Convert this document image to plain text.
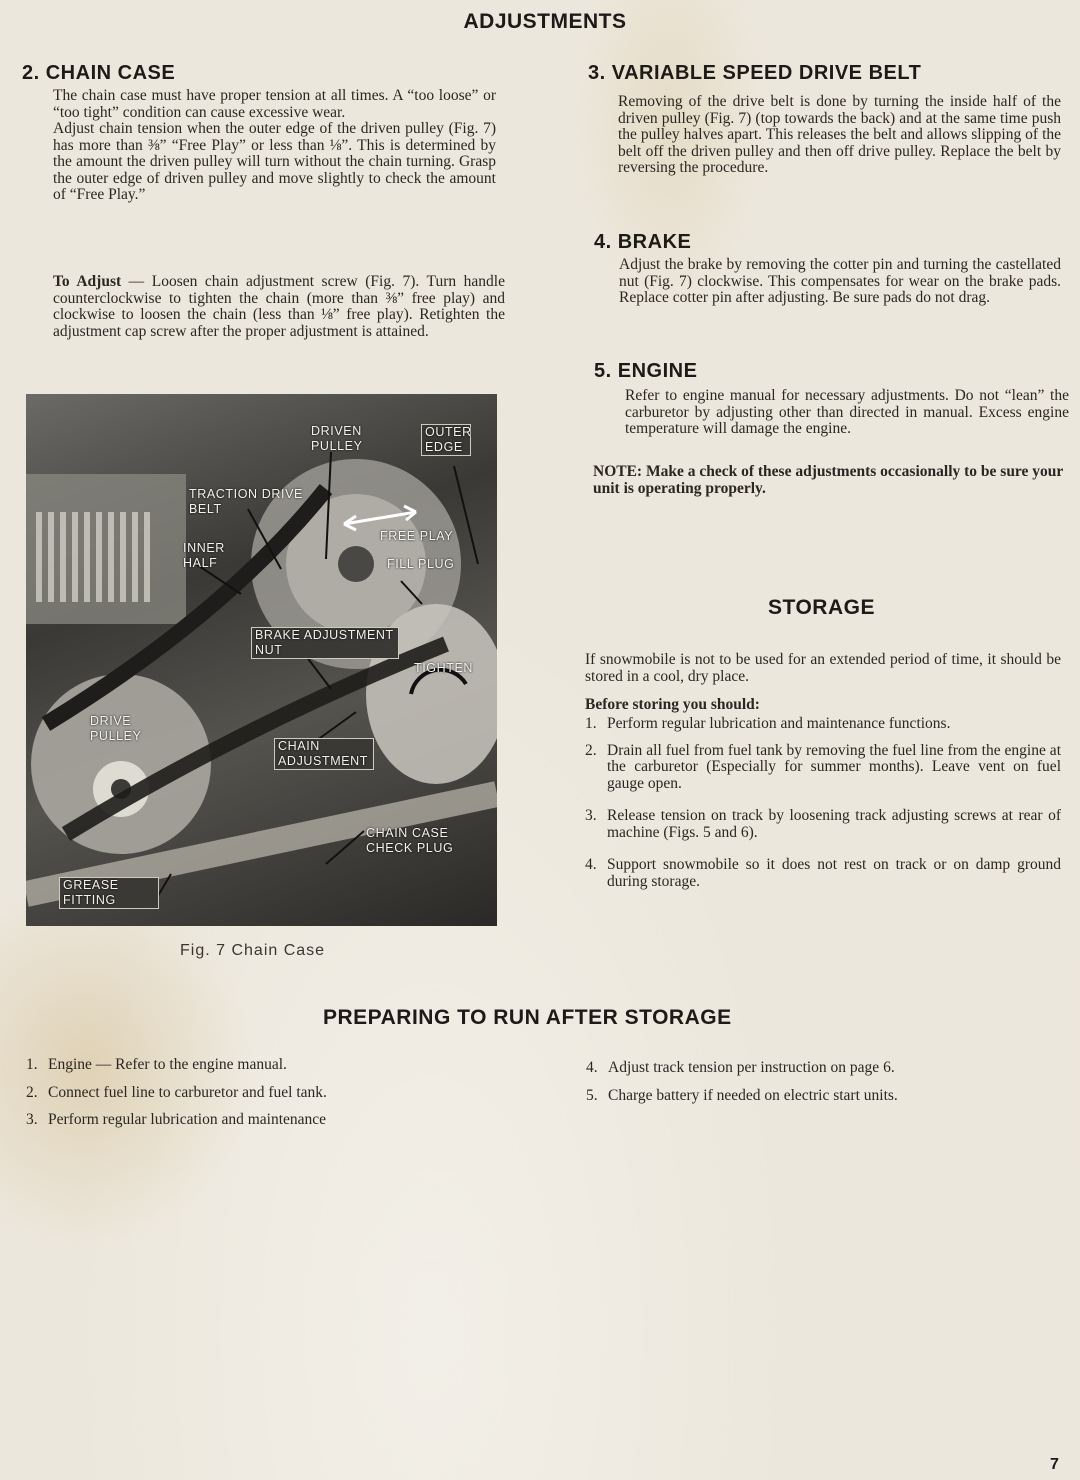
ADJUSTMENTS
2. CHAIN CASE

The chain case must have proper tension at all times. A “too loose” or “too tight” condition can cause excessive wear.

Adjust chain tension when the outer edge of the driven pulley (Fig. 7) has more than ⅜” “Free Play” or less than ⅛”. This is determined by the amount the driven pulley will turn without the chain turning. Grasp the outer edge of driven pulley and move slightly to check the amount of “Free Play.”

To Adjust — Loosen chain adjustment screw (Fig. 7). Turn handle counterclockwise to tighten the chain (more than ⅜” free play) and clockwise to loosen the chain (less than ⅛” free play). Retighten the adjustment cap screw after the proper adjustment is attained.
DRIVEN PULLEY
OUTER EDGE
TRACTION DRIVE BELT
INNER HALF
FREE PLAY
FILL PLUG
BRAKE ADJUSTMENT NUT
TIGHTEN
DRIVE PULLEY
CHAIN ADJUSTMENT
CHAIN CASE CHECK PLUG
GREASE FITTING
Fig. 7 Chain Case
3. VARIABLE SPEED DRIVE BELT
Removing of the drive belt is done by turning the inside half of the driven pulley (Fig. 7) (top towards the back) and at the same time push the pulley halves apart. This releases the belt and allows slipping of the belt off the driven pulley and then off drive pulley. Replace the belt by reversing the procedure.
4. BRAKE
Adjust the brake by removing the cotter pin and turning the castellated nut (Fig. 7) clockwise. This compensates for wear on the brake pads. Replace cotter pin after adjusting. Be sure pads do not drag.
5. ENGINE
Refer to engine manual for necessary adjustments. Do not “lean” the carburetor by adjusting other than directed in manual. Excess engine temperature will damage the engine.
NOTE: Make a check of these adjustments occasionally to be sure your unit is operating properly.
STORAGE
If snowmobile is not to be used for an extended period of time, it should be stored in a cool, dry place.
Before storing you should:
1. Perform regular lubrication and maintenance functions.
2. Drain all fuel from fuel tank by removing the fuel line from the engine at the carburetor (Especially for summer months). Leave vent on fuel gauge open.
3. Release tension on track by loosening track adjusting screws at rear of machine (Figs. 5 and 6).
4. Support snowmobile so it does not rest on track or on damp ground during storage.
PREPARING TO RUN AFTER STORAGE
1. Engine — Refer to the engine manual.
2. Connect fuel line to carburetor and fuel tank.
3. Perform regular lubrication and maintenance
4. Adjust track tension per instruction on page 6.
5. Charge battery if needed on electric start units.
7
